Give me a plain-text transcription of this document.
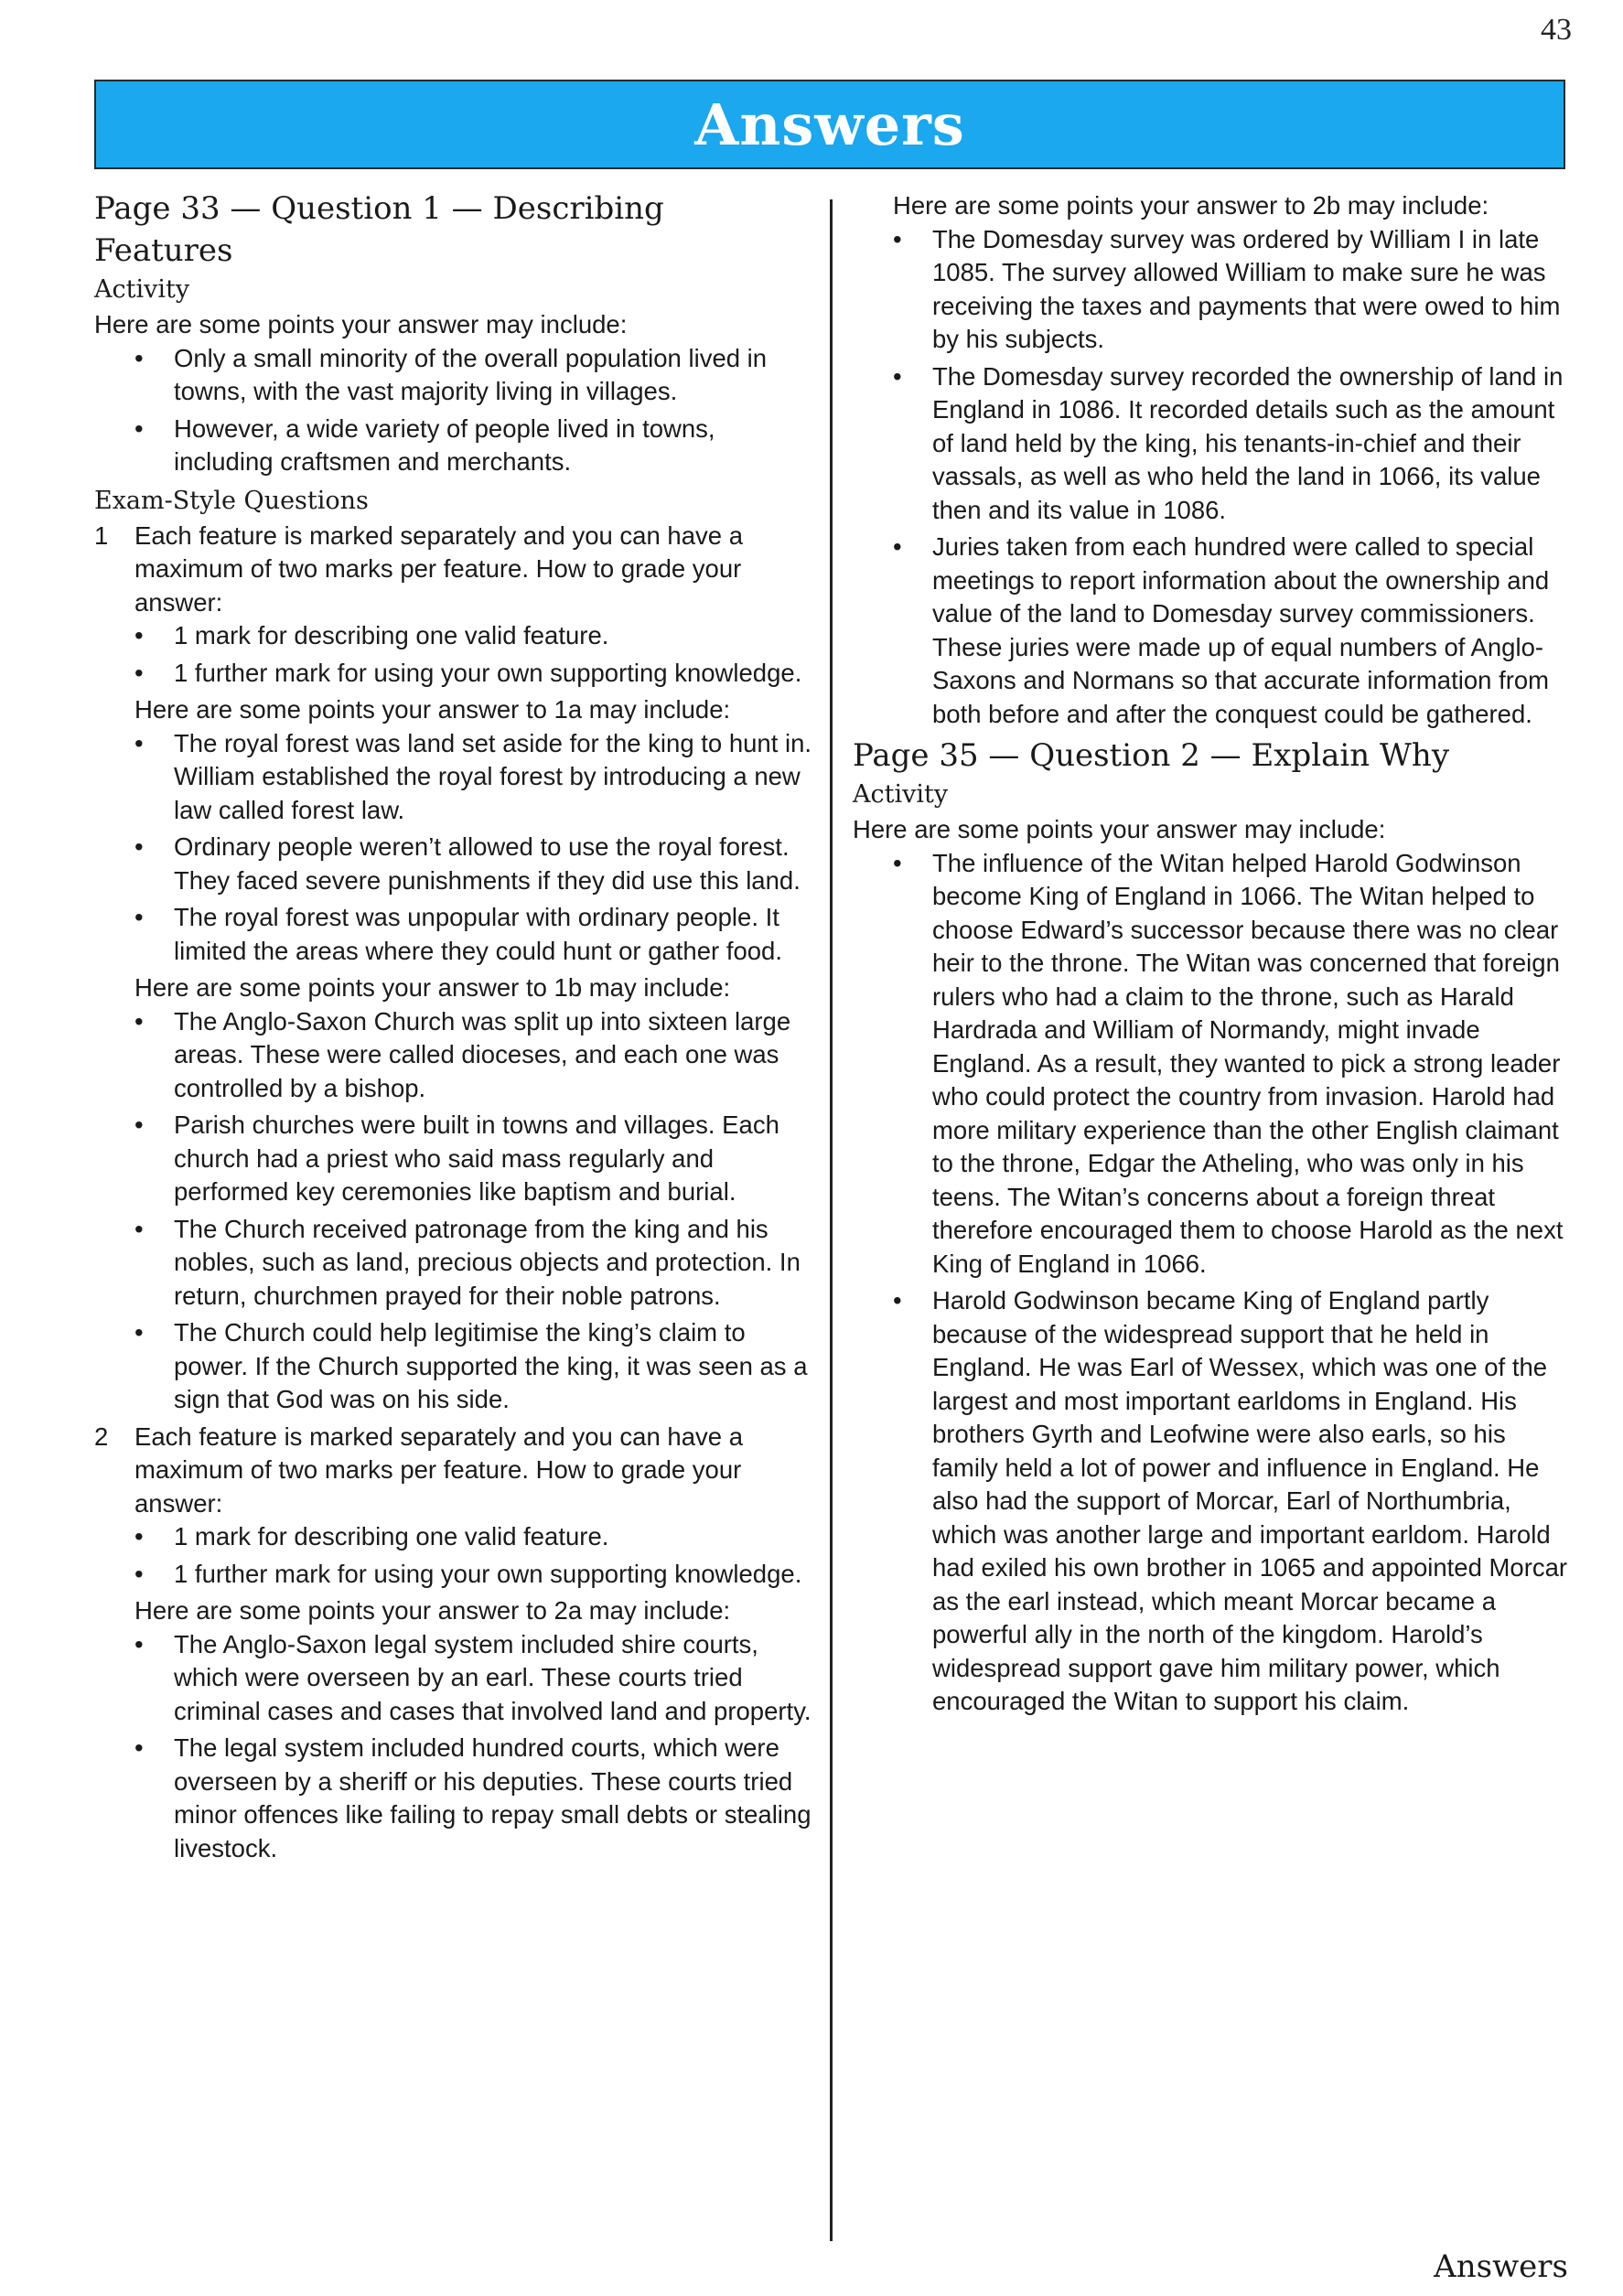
43
Answers
Page 33 — Question 1 — Describing Features
Activity

Here are some points your answer may include:

• Only a small minority of the overall population lived in towns, with the vast majority living in villages.
• However, a wide variety of people lived in towns, including craftsmen and merchants.
Exam-Style Questions
1 Each feature is marked separately and you can have a maximum of two marks per feature. How to grade your answer:
• 1 mark for describing one valid feature.
• 1 further mark for using your own supporting knowledge.

Here are some points your answer to 1a may include:

• The royal forest was land set aside for the king to hunt in. William established the royal forest by introducing a new law called forest law.
• Ordinary people weren’t allowed to use the royal forest. They faced severe punishments if they did use this land.
• The royal forest was unpopular with ordinary people. It limited the areas where they could hunt or gather food.

Here are some points your answer to 1b may include:

• The Anglo-Saxon Church was split up into sixteen large areas. These were called dioceses, and each one was controlled by a bishop.
• Parish churches were built in towns and villages. Each church had a priest who said mass regularly and performed key ceremonies like baptism and burial.
• The Church received patronage from the king and his nobles, such as land, precious objects and protection. In return, churchmen prayed for their noble patrons.
• The Church could help legitimise the king’s claim to power. If the Church supported the king, it was seen as a sign that God was on his side.
2 Each feature is marked separately and you can have a maximum of two marks per feature. How to grade your answer:
• 1 mark for describing one valid feature.
• 1 further mark for using your own supporting knowledge.

Here are some points your answer to 2a may include:

• The Anglo-Saxon legal system included shire courts, which were overseen by an earl. These courts tried criminal cases and cases that involved land and property.
• The legal system included hundred courts, which were overseen by a sheriff or his deputies. These courts tried minor offences like failing to repay small debts or stealing livestock.

Here are some points your answer to 2b may include:

• The Domesday survey was ordered by William I in late 1085. The survey allowed William to make sure he was receiving the taxes and payments that were owed to him by his subjects.
• The Domesday survey recorded the ownership of land in England in 1086. It recorded details such as the amount of land held by the king, his tenants-in-chief and their vassals, as well as who held the land in 1066, its value then and its value in 1086.
• Juries taken from each hundred were called to special meetings to report information about the ownership and value of the land to Domesday survey commissioners. These juries were made up of equal numbers of Anglo-Saxons and Normans so that accurate information from both before and after the conquest could be gathered.
Page 35 — Question 2 — Explain Why
Activity

Here are some points your answer may include:

• The influence of the Witan helped Harold Godwinson become King of England in 1066. The Witan helped to choose Edward’s successor because there was no clear heir to the throne. The Witan was concerned that foreign rulers who had a claim to the throne, such as Harald Hardrada and William of Normandy, might invade England. As a result, they wanted to pick a strong leader who could protect the country from invasion. Harold had more military experience than the other English claimant to the throne, Edgar the Atheling, who was only in his teens. The Witan’s concerns about a foreign threat therefore encouraged them to choose Harold as the next King of England in 1066.
• Harold Godwinson became King of England partly because of the widespread support that he held in England. He was Earl of Wessex, which was one of the largest and most important earldoms in England. His brothers Gyrth and Leofwine were also earls, so his family held a lot of power and influence in England. He also had the support of Morcar, Earl of Northumbria, which was another large and important earldom. Harold had exiled his own brother in 1065 and appointed Morcar as the earl instead, which meant Morcar became a powerful ally in the north of the kingdom. Harold’s widespread support gave him military power, which encouraged the Witan to support his claim.
Answers
